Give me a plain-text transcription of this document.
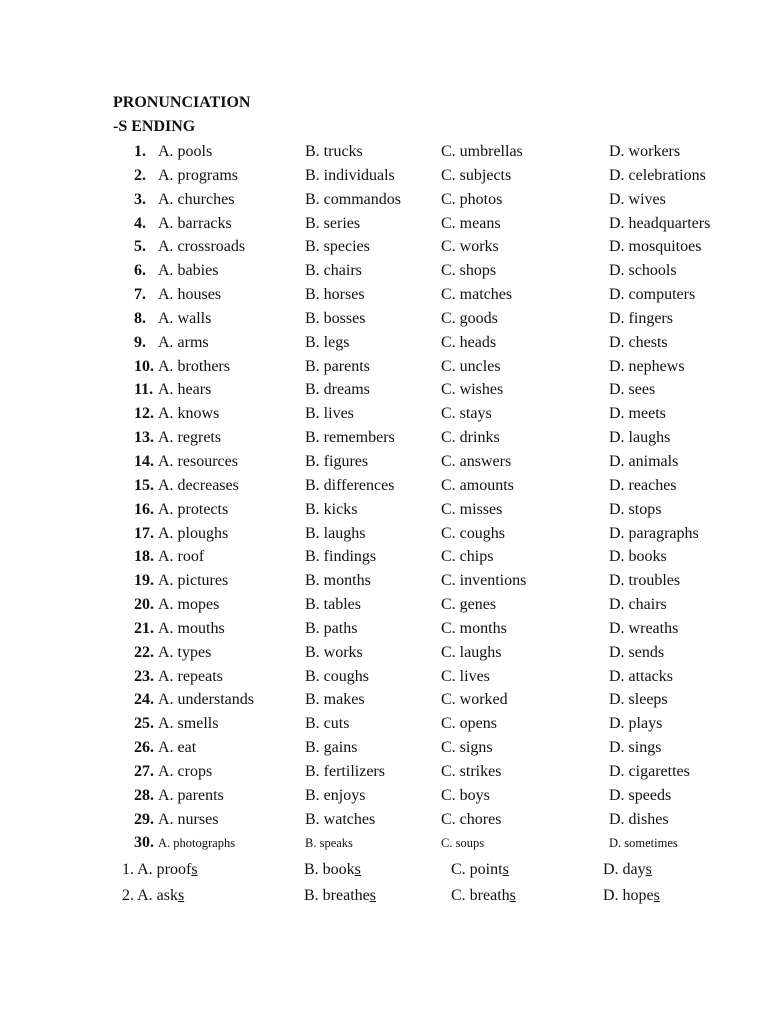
PRONUNCIATION
-S ENDING
1. A. pools	B. trucks	C. umbrellas	D. workers
2. A. programs	B. individuals	C. subjects	D. celebrations
3. A. churches	B. commandos	C. photos	D. wives
4. A. barracks	B. series	C. means	D. headquarters
5. A. crossroads	B. species	C. works	D. mosquitoes
6. A. babies	B. chairs	C. shops	D. schools
7. A. houses	B. horses	C. matches	D. computers
8. A. walls	B. bosses	C. goods	D. fingers
9. A. arms	B. legs	C. heads	D. chests
10. A. brothers	B. parents	C. uncles	D. nephews
11. A. hears	B. dreams	C. wishes	D. sees
12. A. knows	B. lives	C. stays	D. meets
13. A. regrets	B. remembers	C. drinks	D. laughs
14. A. resources	B. figures	C. answers	D. animals
15. A. decreases	B. differences	C. amounts	D. reaches
16. A. protects	B. kicks	C. misses	D. stops
17. A. ploughs	B. laughs	C. coughs	D. paragraphs
18. A. roof	B. findings	C. chips	D. books
19. A. pictures	B. months	C. inventions	D. troubles
20. A. mopes	B. tables	C. genes	D. chairs
21. A. mouths	B. paths	C. months	D. wreaths
22. A. types	B. works	C. laughs	D. sends
23. A. repeats	B. coughs	C. lives	D. attacks
24. A. understands	B. makes	C. worked	D. sleeps
25. A. smells	B. cuts	C. opens	D. plays
26. A. eat	B. gains	C. signs	D. sings
27. A. crops	B. fertilizers	C. strikes	D. cigarettes
28. A. parents	B. enjoys	C. boys	D. speeds
29. A. nurses	B. watches	C. chores	D. dishes
30. A. photographs	B. speaks	C. soups	D. sometimes
1. A. proofs	B. books	C. points	D. days
2. A. asks	B. breathes	C. breaths	D. hopes
